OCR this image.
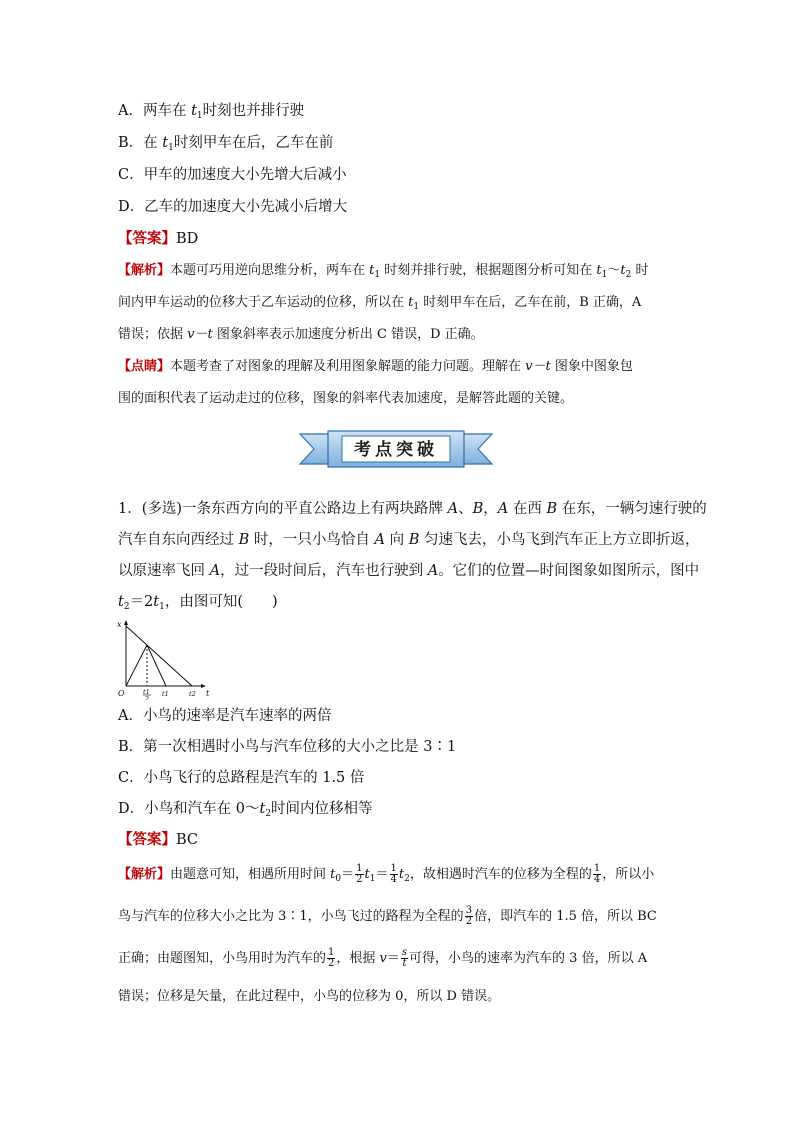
A．两车在 $t_1$时刻也并排行驶
B．在 $t_1$时刻甲车在后，乙车在前
C．甲车的加速度大小先增大后减小
D．乙车的加速度大小先减小后增大
【答案】BD
【解析】本题可巧用逆向思维分析，两车在 $t_1$ 时刻并排行驶，根据题图分析可知在 $t_1\sim t_2$ 时
间内甲车运动的位移大于乙车运动的位移，所以在 $t_1$ 时刻甲车在后，乙车在前，B 正确，A
错误；依据 v－t 图象斜率表示加速度分析出 C 错误，D 正确。
【点睛】本题考查了对图象的理解及利用图象解题的能力问题。理解在 v－t 图象中图象包
围的面积代表了运动走过的位移，图象的斜率代表加速度，是解答此题的关键。
考点突破
1．(多选)一条东西方向的平直公路边上有两块路牌 A、B，A 在西 B 在东，一辆匀速行驶的
汽车自东向西经过 B 时，一只小鸟恰自 A 向 B 匀速飞去，小鸟飞到汽车正上方立即折返，
以原速率飞回 A，过一段时间后，汽车也行驶到 A。它们的位置—时间图象如图所示，图中
$t_2=2t_1$，由图可知(　　)
x
t
O	t1
2
t1	t2
A．小鸟的速率是汽车速率的两倍
B．第一次相遇时小鸟与汽车位移的大小之比是 3∶1
C．小鸟飞行的总路程是汽车的 1.5 倍
D．小鸟和汽车在 $0\sim t_2$时间内位移相等
【答案】BC
【解析】由题意可知，相遇所用时间 $t_0= \frac{1}{2} t_1= \frac{1}{4} t_2$，故相遇时汽车的位移为全程的 $\frac{1}{4}$ ，所以小
鸟与汽车的位移大小之比为 3∶1，小鸟飞过的路程为全程的 $\frac{3}{2}$ 倍，即汽车的 1.5 倍，所以 BC
正确；由题图知，小鸟用时为汽车的 $\frac{1}{2}$ ，根据 $v= \frac{s}{t}$ 可得，小鸟的速率为汽车的 3 倍，所以 A
错误；位移是矢量，在此过程中，小鸟的位移为 0，所以 D 错误。
